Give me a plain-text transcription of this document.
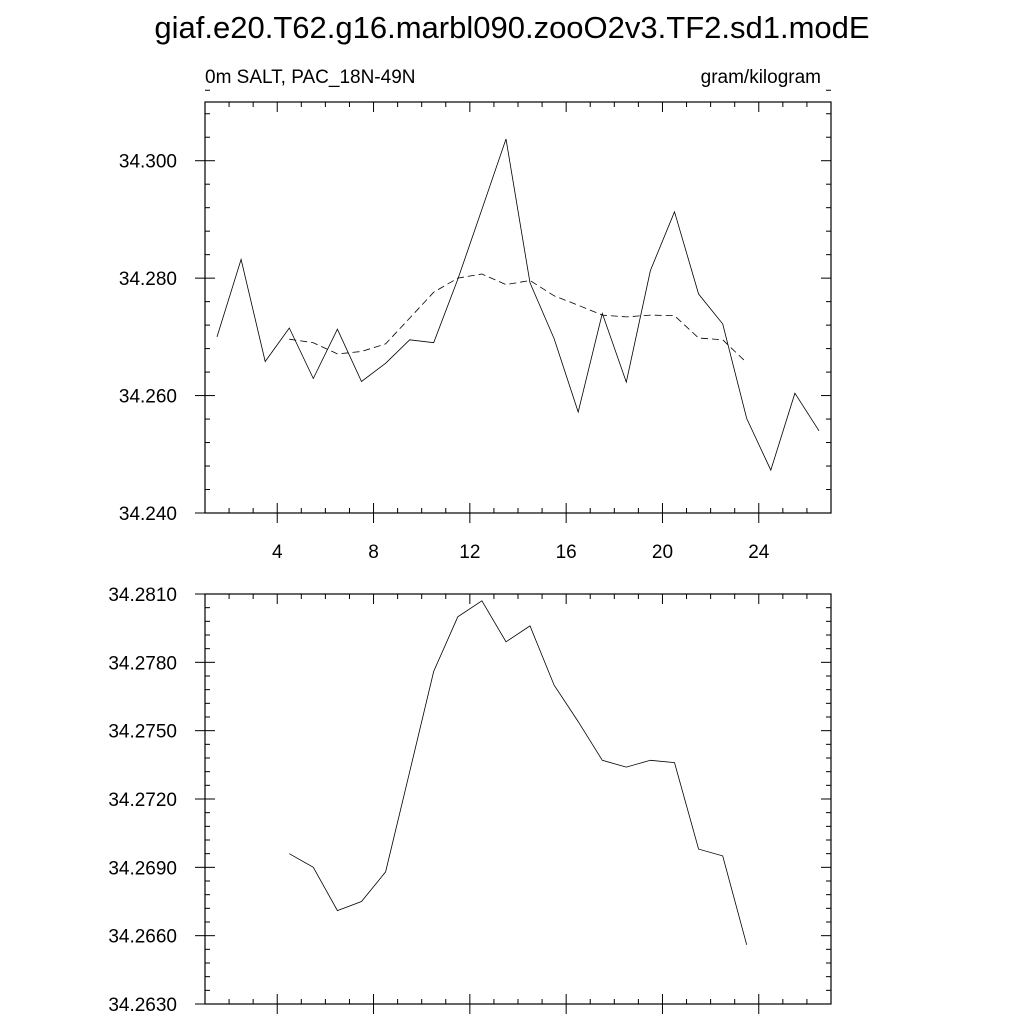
giaf.e20.T62.g16.marbl090.zooO2v3.TF2.sd1.modE
0m SALT, PAC_18N-49N	gram/kilogram
4	8	12	16	20	24
34.240
34.260
34.280
34.300
34.2630
34.2660
34.2690
34.2720
34.2750
34.2780
34.2810
